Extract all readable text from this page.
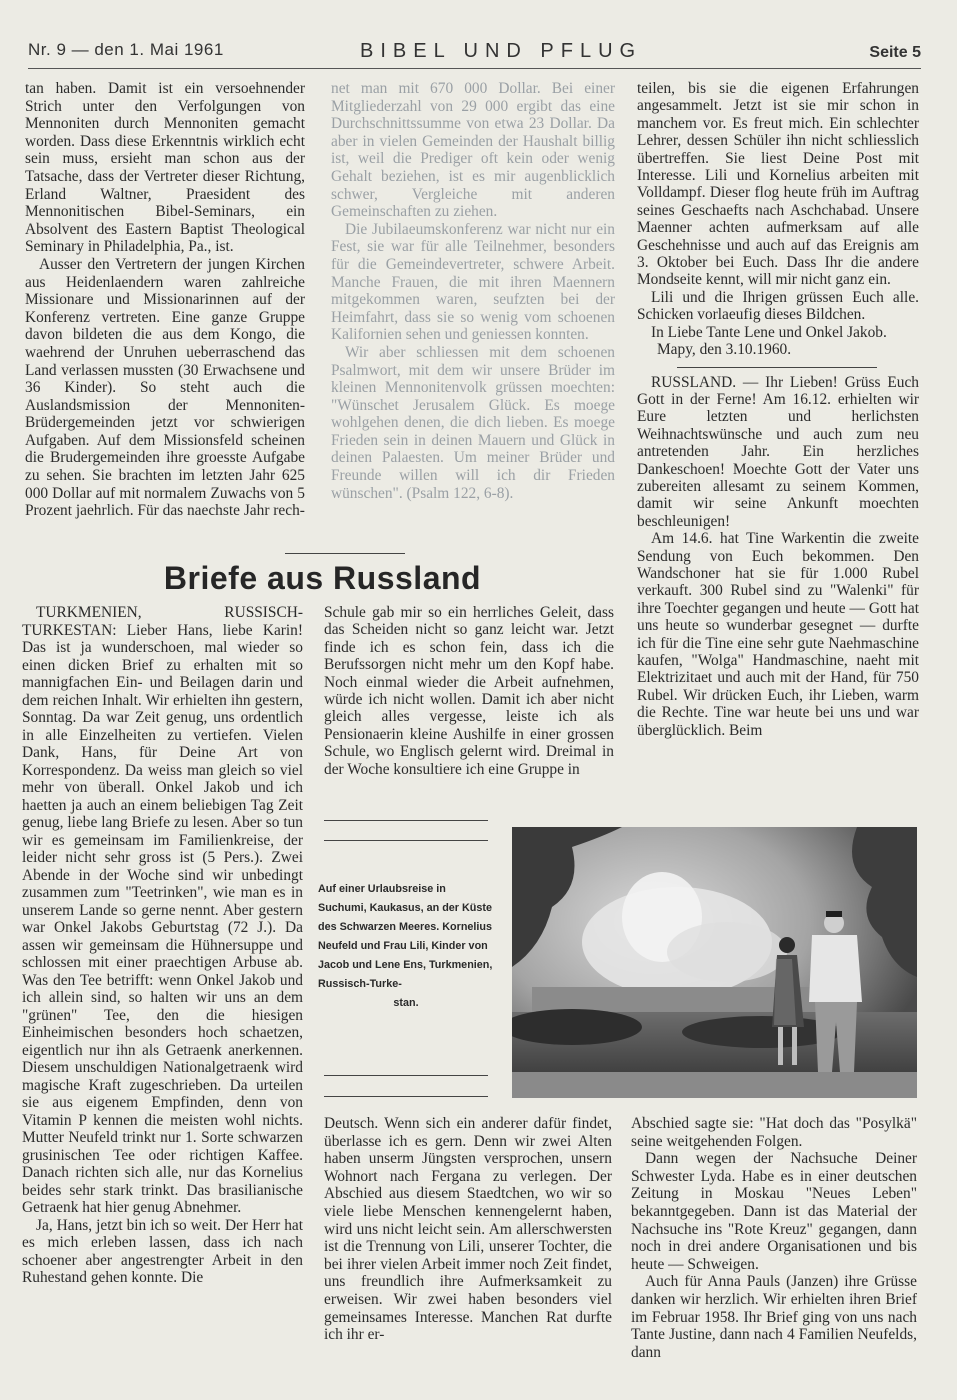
Nr. 9 — den 1. Mai 1961	BIBEL UND PFLUG	Seite 5

tan haben. Damit ist ein versoehnender Strich unter den Verfolgungen von Mennoniten durch Mennoniten gemacht worden. Dass diese Erkenntnis wirklich echt sein muss, ersieht man schon aus der Tatsache, dass der Vertreter dieser Richtung, Erland Waltner, Praesident des Mennonitischen Bibel-Seminars, ein Absolvent des Eastern Baptist Theological Seminary in Philadelphia, Pa., ist.

Ausser den Vertretern der jungen Kirchen aus Heidenlaendern waren zahlreiche Missionare und Missionarinnen auf der Konferenz vertreten. Eine ganze Gruppe davon bildeten die aus dem Kongo, die waehrend der Unruhen ueberraschend das Land verlassen mussten (30 Erwachsene und 36 Kinder). So steht auch die Auslandsmission der Mennoniten-Brüdergemeinden jetzt vor schwierigen Aufgaben. Auf dem Missionsfeld scheinen die Brudergemeinden ihre groesste Aufgabe zu sehen. Sie brachten im letzten Jahr 625 000 Dollar auf mit normalem Zuwachs von 5 Prozent jaehrlich. Für das naechste Jahr rech-

net man mit 670 000 Dollar. Bei einer Mitgliederzahl von 29 000 ergibt das eine Durchschnittssumme von etwa 23 Dollar. Da aber in vielen Gemeinden der Haushalt billig ist, weil die Prediger oft kein oder wenig Gehalt beziehen, ist es mir augenblicklich schwer, Vergleiche mit anderen Gemeinschaften zu ziehen.

Die Jubilaeumskonferenz war nicht nur ein Fest, sie war für alle Teilnehmer, besonders für die Gemeindevertreter, schwere Arbeit. Manche Frauen, die mit ihren Maennern mitgekommen waren, seufzten bei der Heimfahrt, dass sie so wenig vom schoenen Kalifornien sehen und geniessen konnten.

Wir aber schliessen mit dem schoenen Psalmwort, mit dem wir unsere Brüder im kleinen Mennonitenvolk grüssen moechten: "Wünschet Jerusalem Glück. Es moege wohlgehen denen, die dich lieben. Es moege Frieden sein in deinen Mauern und Glück in deinen Palaesten. Um meiner Brüder und Freunde willen will ich dir Frieden wünschen". (Psalm 122, 6-8).

teilen, bis sie die eigenen Erfahrungen angesammelt. Jetzt ist sie mir schon in manchem vor. Es freut mich. Ein schlechter Lehrer, dessen Schüler ihn nicht schliesslich übertreffen. Sie liest Deine Post mit Interesse. Lili und Kornelius arbeiten mit Volldampf. Dieser flog heute früh im Auftrag seines Geschaefts nach Aschchabad. Unsere Maenner achten aufmerksam auf alle Geschehnisse und auch auf das Ereignis am 3. Oktober bei Euch. Dass Ihr die andere Mondseite kennt, will mir nicht ganz ein.

Lili und die Ihrigen grüssen Euch alle. Schicken vorlaeufig dieses Bildchen.

In Liebe Tante Lene und Onkel Jakob.
Mapy, den 3.10.1960.

RUSSLAND. — Ihr Lieben! Grüss Euch Gott in der Ferne! Am 16.12. erhielten wir Eure letzten und herlichsten Weihnachtswünsche und auch zum neu antretenden Jahr. Ein herzliches Dankeschoen! Moechte Gott der Vater uns zubereiten allesamt zu seinem Kommen, damit wir seine Ankunft moechten beschleunigen!

Am 14.6. hat Tine Warkentin die zweite Sendung von Euch bekommen. Den Wandschoner hat sie für 1.000 Rubel verkauft. 300 Rubel sind zu "Walenki" für ihre Toechter gegangen und heute — Gott hat uns heute so wunderbar gesegnet — durfte ich für die Tine eine sehr gute Naehmaschine kaufen, "Wolga" Handmaschine, naeht mit Elektrizitaet und auch mit der Hand, für 750 Rubel. Wir drücken Euch, ihr Lieben, warm die Rechte. Tine war heute bei uns und war überglücklich. Beim

Briefe aus Russland

TURKMENIEN, RUSSISCH-TURKESTAN: Lieber Hans, liebe Karin! Das ist ja wunderschoen, mal wieder so einen dicken Brief zu erhalten mit so mannigfachen Ein- und Beilagen darin und dem reichen Inhalt. Wir erhielten ihn gestern, Sonntag. Da war Zeit genug, uns ordentlich in alle Einzelheiten zu vertiefen. Vielen Dank, Hans, für Deine Art von Korrespondenz. Da weiss man gleich so viel mehr von überall. Onkel Jakob und ich haetten ja auch an einem beliebigen Tag Zeit genug, liebe lang Briefe zu lesen. Aber so tun wir es gemeinsam im Familienkreise, der leider nicht sehr gross ist (5 Pers.). Zwei Abende in der Woche sind wir unbedingt zusammen zum "Teetrinken", wie man es in unserem Lande so gerne nennt. Aber gestern war Onkel Jakobs Geburtstag (72 J.). Da assen wir gemeinsam die Hühnersuppe und schlossen mit einer praechtigen Arbuse ab. Was den Tee betrifft: wenn Onkel Jakob und ich allein sind, so halten wir uns an dem "grünen" Tee, den die hiesigen Einheimischen besonders hoch schaetzen, eigentlich nur ihn als Getraenk anerkennen. Diesem unschuldigen Nationalgetraenk wird magische Kraft zugeschrieben. Da urteilen sie aus eigenem Empfinden, denn von Vitamin P kennen die meisten wohl nichts. Mutter Neufeld trinkt nur 1. Sorte schwarzen grusinischen Tee oder richtigen Kaffee. Danach richten sich alle, nur das Kornelius beides sehr stark trinkt. Das brasilianische Getraenk hat hier genug Abnehmer.

Ja, Hans, jetzt bin ich so weit. Der Herr hat es mich erleben lassen, dass ich nach schoener aber angestrengter Arbeit in den Ruhestand gehen konnte. Die

Schule gab mir so ein herrliches Geleit, dass das Scheiden nicht so ganz leicht war. Jetzt finde ich es schon fein, dass ich die Berufssorgen nicht mehr um den Kopf habe. Noch einmal wieder die Arbeit aufnehmen, würde ich nicht wollen. Damit ich aber nicht gleich alles vergesse, leiste ich als Pensionaerin kleine Aushilfe in einer grossen Schule, wo Englisch gelernt wird. Dreimal in der Woche konsultiere ich eine Gruppe in

Auf einer Urlaubsreise in Suchumi, Kaukasus, an der Küste des Schwarzen Meeres. Kornelius Neufeld und Frau Lili, Kinder von Jacob und Lene Ens, Turkmenien, Russisch-Turke-
stan.

Deutsch. Wenn sich ein anderer dafür findet, überlasse ich es gern. Denn wir zwei Alten haben unserm Jüngsten versprochen, unsern Wohnort nach Fergana zu verlegen. Der Abschied aus diesem Staedtchen, wo wir so viele liebe Menschen kennengelernt haben, wird uns nicht leicht sein. Am allerschwersten ist die Trennung von Lili, unserer Tochter, die bei ihrer vielen Arbeit immer noch Zeit findet, uns freundlich ihre Aufmerksamkeit zu erweisen. Wir zwei haben besonders viel gemeinsames Interesse. Manchen Rat durfte ich ihr er-

Abschied sagte sie: "Hat doch das "Posylkä" seine weitgehenden Folgen.

Dann wegen der Nachsuche Deiner Schwester Lyda. Habe es in einer deutschen Zeitung in Moskau "Neues Leben" bekanntgegeben. Dann ist das Material der Nachsuche ins "Rote Kreuz" gegangen, dann noch in drei andere Organisationen und bis heute — Schweigen.

Auch für Anna Pauls (Janzen) ihre Grüsse danken wir herzlich. Wir erhielten ihren Brief im Februar 1958. Ihr Brief ging von uns nach Tante Justine, dann nach 4 Familien Neufelds, dann
